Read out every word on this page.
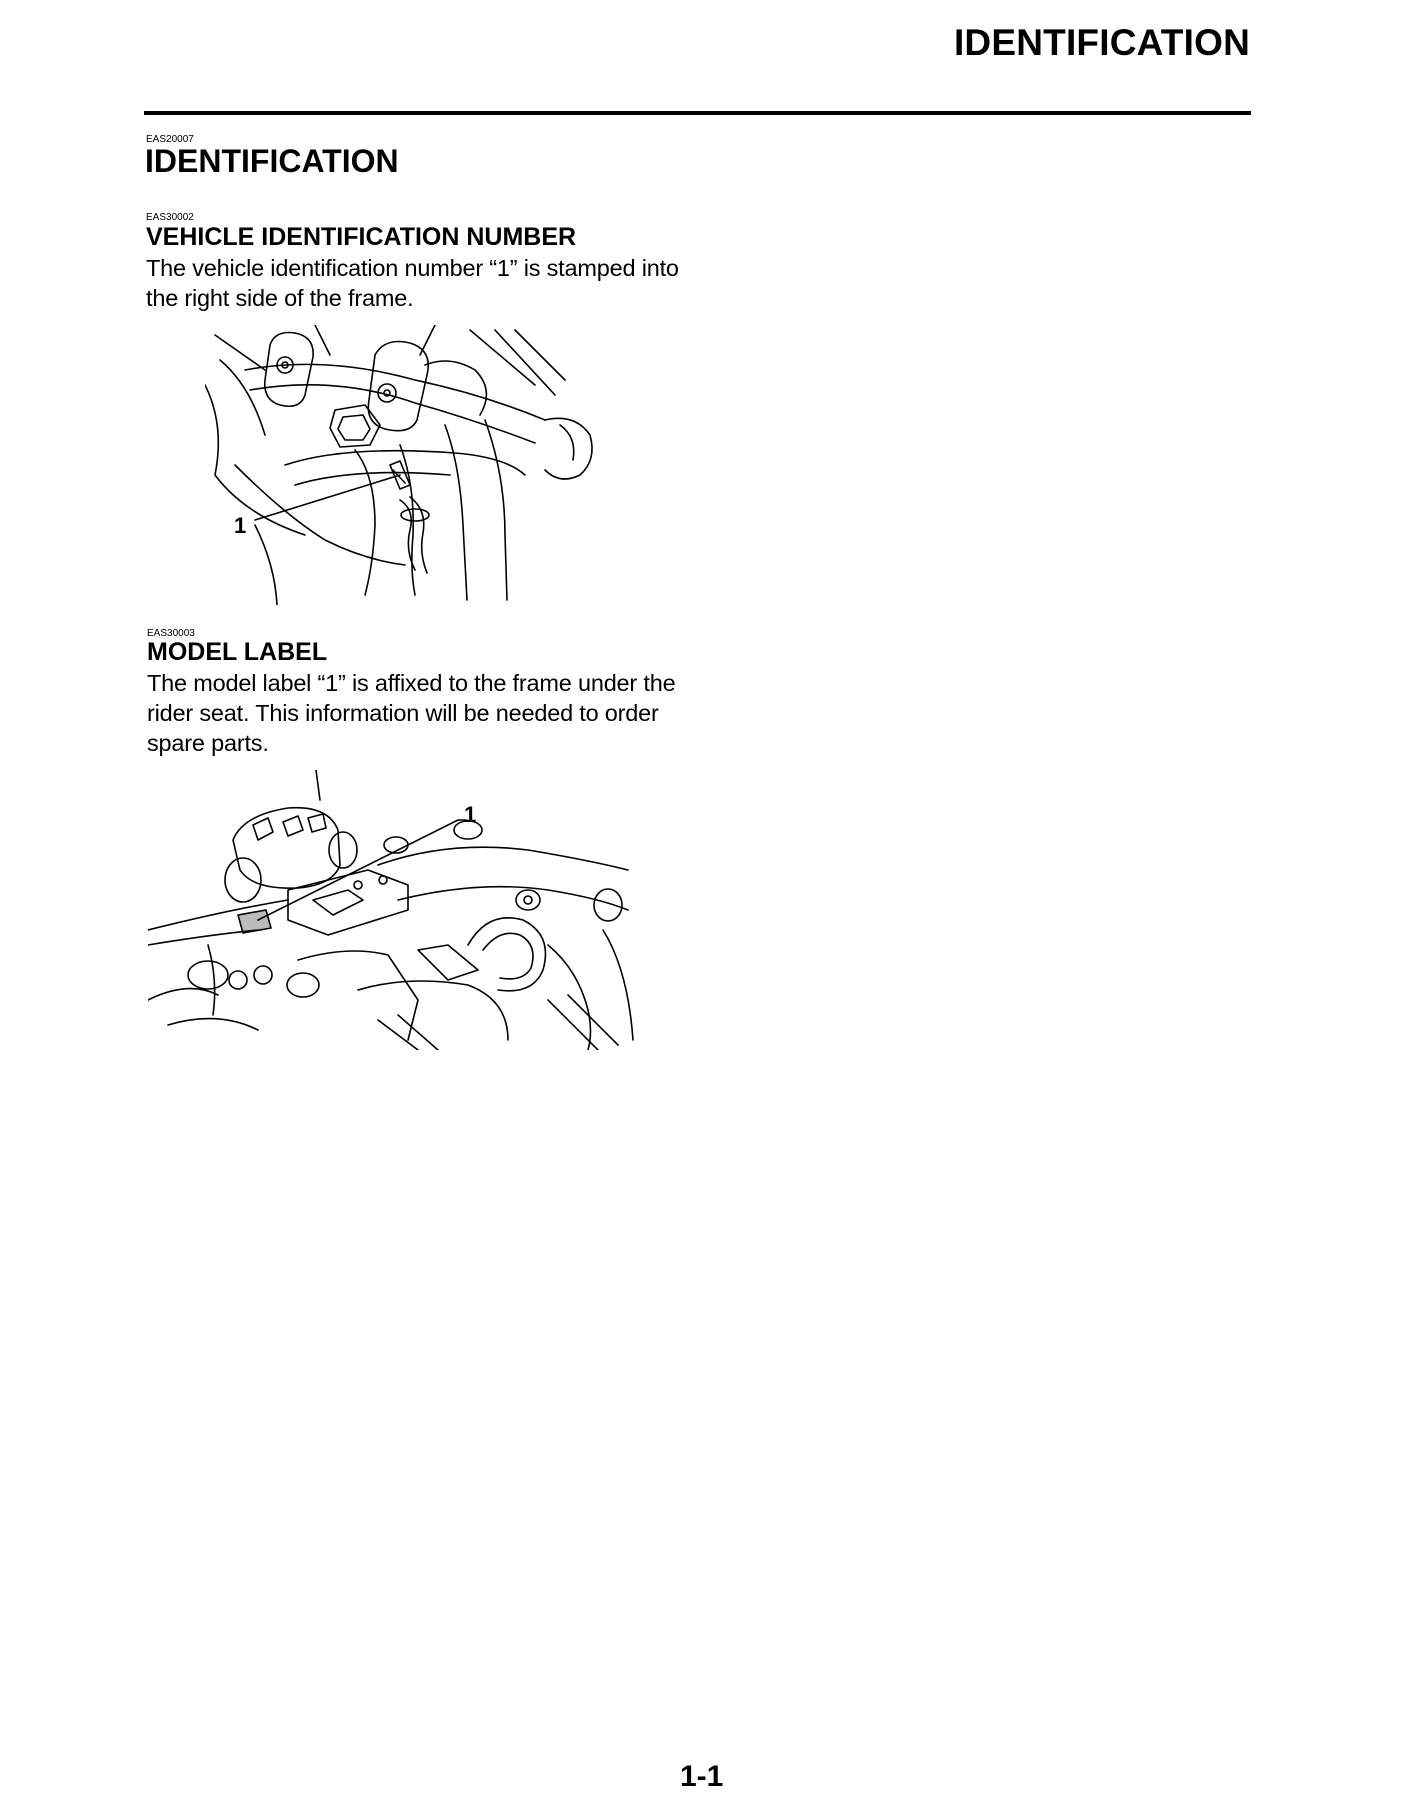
IDENTIFICATION
EAS20007
IDENTIFICATION
EAS30002
VEHICLE IDENTIFICATION NUMBER
The vehicle identification number “1” is stamped into the right side of the frame.
1
EAS30003
MODEL LABEL
The model label “1” is affixed to the frame under the rider seat. This information will be needed to order spare parts.
1
1-1
